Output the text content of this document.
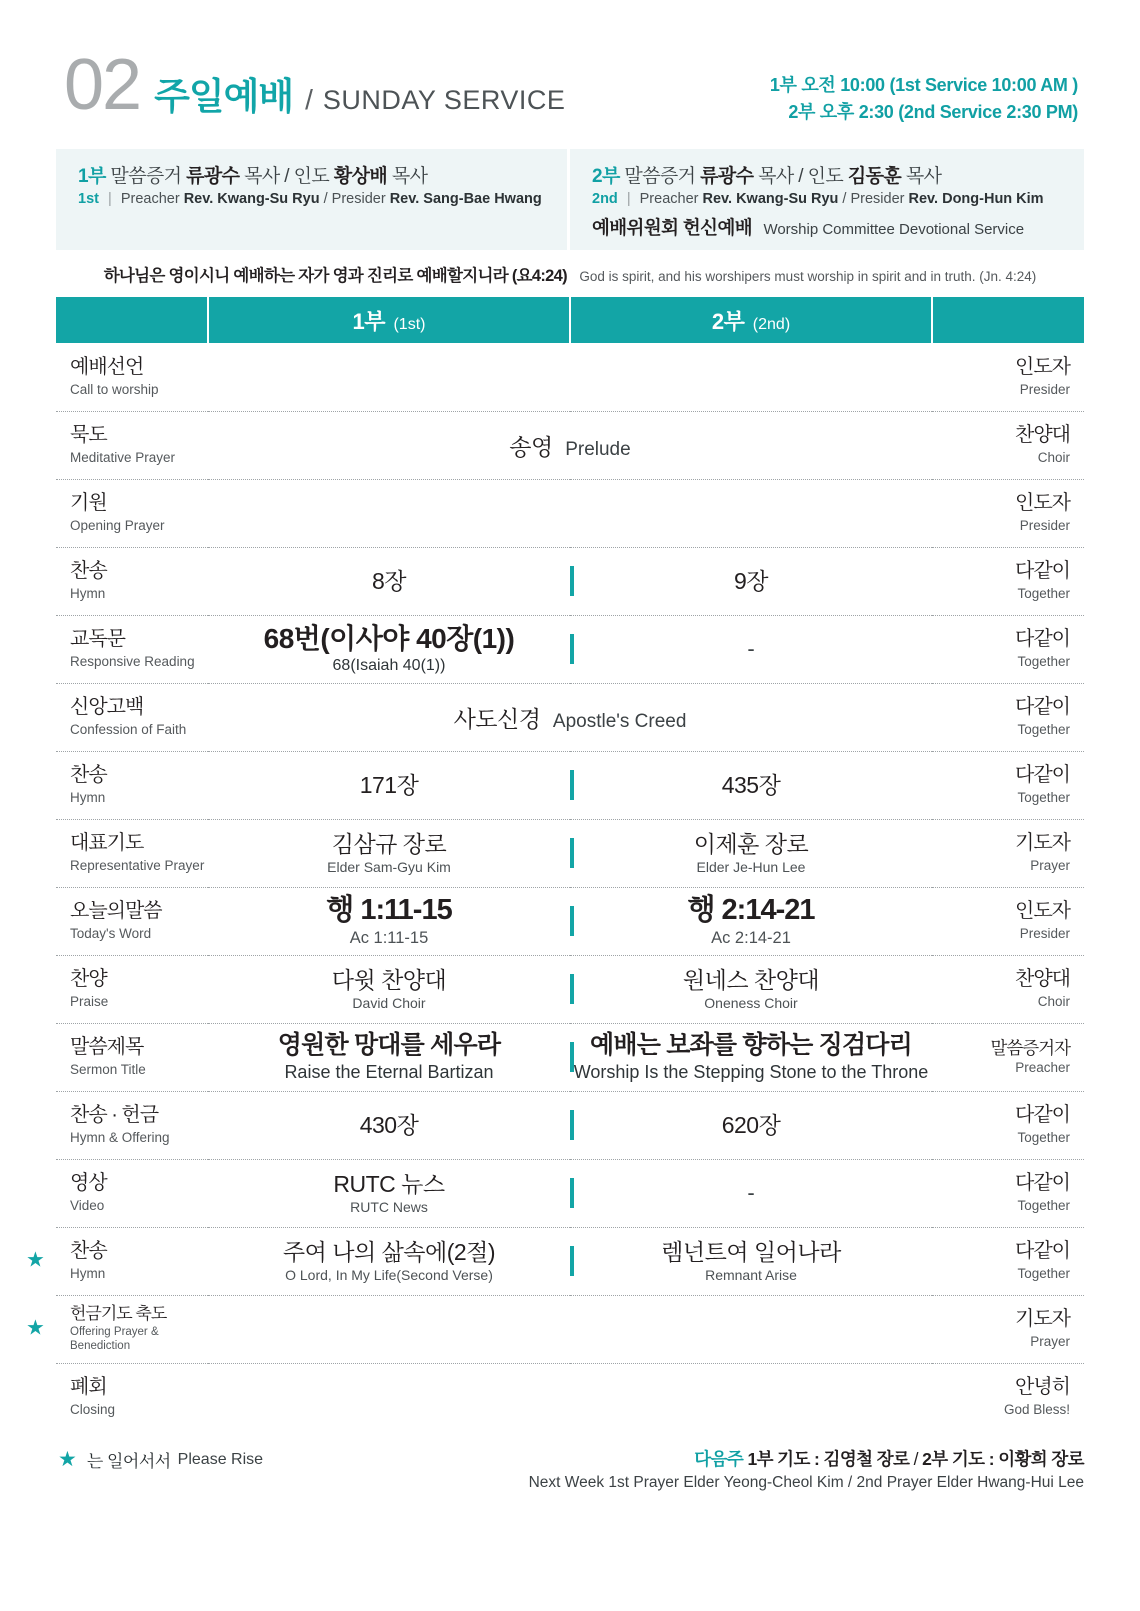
02 주일예배 / SUNDAY SERVICE	1부 오전 10:00 (1st Service 10:00 AM )
2부 오후 2:30 (2nd Service 2:30 PM)
1부 말씀증거 류광수 목사 / 인도 황상배 목사
1st | Preacher Rev. Kwang-Su Ryu / Presider Rev. Sang-Bae Hwang
2부 말씀증거 류광수 목사 / 인도 김동훈 목사
2nd | Preacher Rev. Kwang-Su Ryu / Presider Rev. Dong-Hun Kim
예배위원회 헌신예배 Worship Committee Devotional Service
하나님은 영이시니 예배하는 자가 영과 진리로 예배할지니라 (요4:24) God is spirit, and his worshipers must worship in spirit and in truth. (Jn. 4:24)
	1부 (1st)	2부 (2nd)	

예배선언
Call to worship			인도자
Presider

묵도
Meditative Prayer	송영 Prelude		찬양대
Choir

기원
Opening Prayer			인도자
Presider

찬송
Hymn	8장	9장	다같이
Together

교독문
Responsive Reading	68번(이사야 40장(1))
68(Isaiah 40(1))	-	다같이
Together

신앙고백
Confession of Faith	사도신경 Apostle's Creed		다같이
Together

찬송
Hymn	171장	435장	다같이
Together

대표기도
Representative Prayer	김삼규 장로
Elder Sam-Gyu Kim	이제훈 장로
Elder Je-Hun Lee	기도자
Prayer

오늘의말씀
Today's Word	행 1:11-15
Ac 1:11-15	행 2:14-21
Ac 2:14-21	인도자
Presider

찬양
Praise	다윗 찬양대
David Choir	원네스 찬양대
Oneness Choir	찬양대
Choir

말씀제목
Sermon Title	영원한 망대를 세우라
Raise the Eternal Bartizan	예배는 보좌를 향하는 징검다리
Worship Is the Stepping Stone to the Throne	말씀증거자
Preacher

찬송 · 헌금
Hymn & Offering	430장	620장	다같이
Together

영상
Video	RUTC 뉴스
RUTC News	-	다같이
Together

★ 찬송
Hymn	주여 나의 삶속에(2절)
O Lord, In My Life(Second Verse)	렘넌트여 일어나라
Remnant Arise	다같이
Together

★
헌금기도 축도
Offering Prayer & Benediction			기도자
Prayer

폐회
Closing			안녕히
God Bless!
★ 는 일어서서 Please Rise	다음주 1부 기도 : 김영철 장로 / 2부 기도 : 이황희 장로
Next Week 1st Prayer Elder Yeong-Cheol Kim / 2nd Prayer Elder Hwang-Hui Lee
